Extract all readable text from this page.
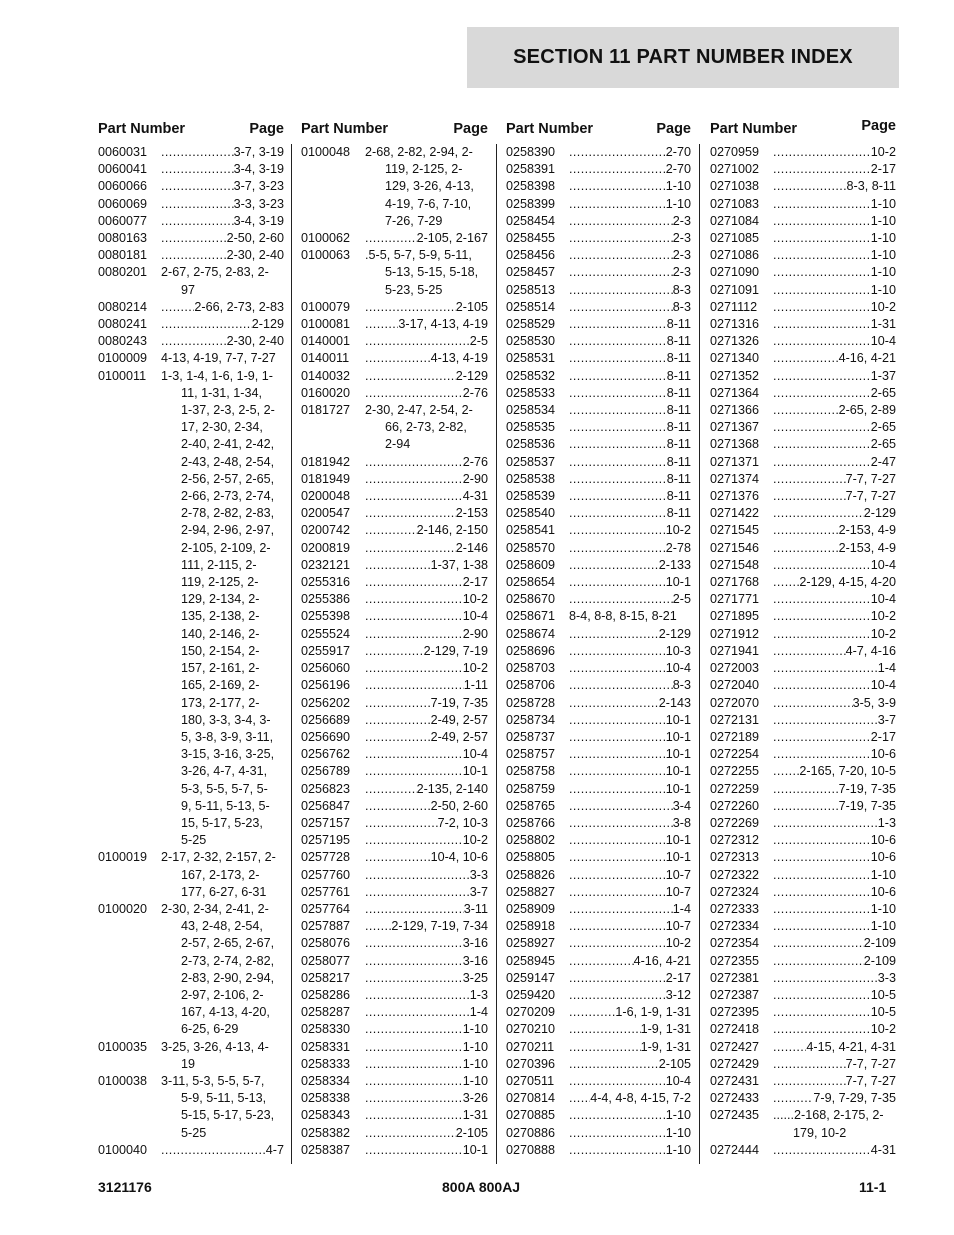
SECTION 11 PART NUMBER INDEX
Part Number	Page
0060031 .....	3-7, 3-19
0060041 .....	3-4, 3-19
0060066 .....	3-7, 3-23
0060069 .....	3-3, 3-23
0060077 .....	3-4, 3-19
0080163 .....	2-50, 2-60
0080181 .....	2-30, 2-40
0080201	2-67, 2-75, 2-83, 2-
97
0080214 .....	2-66, 2-73, 2-83
0080241 .....	2-129
0080243 .....	2-30, 2-40
0100009	4-13, 4-19, 7-7, 7-27
0100011	1-3, 1-4, 1-6, 1-9, 1-
11, 1-31, 1-34,
1-37, 2-3, 2-5, 2-
17, 2-30, 2-34,
2-40, 2-41, 2-42,
2-43, 2-48, 2-54,
2-56, 2-57, 2-65,
2-66, 2-73, 2-74,
2-78, 2-82, 2-83,
2-94, 2-96, 2-97,
2-105, 2-109, 2-
111, 2-115, 2-
119, 2-125, 2-
129, 2-134, 2-
135, 2-138, 2-
140, 2-146, 2-
150, 2-154, 2-
157, 2-161, 2-
165, 2-169, 2-
173, 2-177, 2-
180, 3-3, 3-4, 3-
5, 3-8, 3-9, 3-11,
3-15, 3-16, 3-25,
3-26, 4-7, 4-31,
5-3, 5-5, 5-7, 5-
9, 5-11, 5-13, 5-
15, 5-17, 5-23,
5-25
0100019	2-17, 2-32, 2-157, 2-
167, 2-173, 2-
177, 6-27, 6-31
0100020	2-30, 2-34, 2-41, 2-
43, 2-48, 2-54,
2-57, 2-65, 2-67,
2-73, 2-74, 2-82,
2-83, 2-90, 2-94,
2-97, 2-106, 2-
167, 4-13, 4-20,
6-25, 6-29
0100035	3-25, 3-26, 4-13, 4-
19
0100038	3-11, 5-3, 5-5, 5-7,
5-9, 5-11, 5-13,
5-15, 5-17, 5-23,
5-25
0100040 .....	4-7
Part Number	Page
0100048	2-68, 2-82, 2-94, 2-
119, 2-125, 2-
129, 3-26, 4-13,
4-19, 7-6, 7-10,
7-26, 7-29
0100062 .....	2-105, 2-167
0100063	.5-5, 5-7, 5-9, 5-11,
5-13, 5-15, 5-18,
5-23, 5-25
0100079 .....	2-105
0100081 .....	3-17, 4-13, 4-19
0140001 .....	2-5
0140011 .....	4-13, 4-19
0140032 .....	2-129
0160020 .....	2-76
0181727	2-30, 2-47, 2-54, 2-
66, 2-73, 2-82,
2-94
0181942 .....	2-76
0181949 .....	2-90
0200048 .....	4-31
0200547 .....	2-153
0200742 .....	2-146, 2-150
0200819 .....	2-146
0232121 .....	1-37, 1-38
0255316 .....	2-17
0255386 .....	10-2
0255398 .....	10-4
0255524 .....	2-90
0255917 .....	2-129, 7-19
0256060 .....	10-2
0256196 .....	1-11
0256202 .....	7-19, 7-35
0256689 .....	2-49, 2-57
0256690 .....	2-49, 2-57
0256762 .....	10-4
0256789 .....	10-1
0256823 .....	2-135, 2-140
0256847 .....	2-50, 2-60
0257157 .....	7-2, 10-3
0257195 .....	10-2
0257728 .....	10-4, 10-6
0257760 .....	3-3
0257761 .....	3-7
0257764 .....	3-11
0257887 .....	2-129, 7-19, 7-34
0258076 .....	3-16
0258077 .....	3-16
0258217 .....	3-25
0258286 .....	1-3
0258287 .....	1-4
0258330 .....	1-10
0258331 .....	1-10
0258333 .....	1-10
0258334 .....	1-10
0258338 .....	3-26
0258343 .....	1-31
0258382 .....	2-105
0258387 .....	10-1
Part Number	Page
0258390 .....	2-70
0258391 .....	2-70
0258398 .....	1-10
0258399 .....	1-10
0258454 .....	2-3
0258455 .....	2-3
0258456 .....	2-3
0258457 .....	2-3
0258513 .....	8-3
0258514 .....	8-3
0258529 .....	8-11
0258530 .....	8-11
0258531 .....	8-11
0258532 .....	8-11
0258533 .....	8-11
0258534 .....	8-11
0258535 .....	8-11
0258536 .....	8-11
0258537 .....	8-11
0258538 .....	8-11
0258539 .....	8-11
0258540 .....	8-11
0258541 .....	10-2
0258570 .....	2-78
0258609 .....	2-133
0258654 .....	10-1
0258670 .....	2-5
0258671	8-4, 8-8, 8-15, 8-21
0258674 .....	2-129
0258696 .....	10-3
0258703 .....	10-4
0258706 .....	8-3
0258728 .....	2-143
0258734 .....	10-1
0258737 .....	10-1
0258757 .....	10-1
0258758 .....	10-1
0258759 .....	10-1
0258765 .....	3-4
0258766 .....	3-8
0258802 .....	10-1
0258805 .....	10-1
0258826 .....	10-7
0258827 .....	10-7
0258909 .....	1-4
0258918 .....	10-7
0258927 .....	10-2
0258945 .....	4-16, 4-21
0259147 .....	2-17
0259420 .....	3-12
0270209 .....	1-6, 1-9, 1-31
0270210 .....	1-9, 1-31
0270211 .....	1-9, 1-31
0270396 .....	2-105
0270511 .....	10-4
0270814 .....	4-4, 4-8, 4-15, 7-2
0270885 .....	1-10
0270886 .....	1-10
0270888 .....	1-10
Part Number	Page
0270959 .....	10-2
0271002 .....	2-17
0271038 .....	8-3, 8-11
0271083 .....	1-10
0271084 .....	1-10
0271085 .....	1-10
0271086 .....	1-10
0271090 .....	1-10
0271091 .....	1-10
0271112 .....	10-2
0271316 .....	1-31
0271326 .....	10-4
0271340 .....	4-16, 4-21
0271352 .....	1-37
0271364 .....	2-65
0271366 .....	2-65, 2-89
0271367 .....	2-65
0271368 .....	2-65
0271371 .....	2-47
0271374 .....	7-7, 7-27
0271376 .....	7-7, 7-27
0271422 .....	2-129
0271545 .....	2-153, 4-9
0271546 .....	2-153, 4-9
0271548 .....	10-4
0271768 .....	2-129, 4-15, 4-20
0271771 .....	10-4
0271895 .....	10-2
0271912 .....	10-2
0271941 .....	4-7, 4-16
0272003 .....	1-4
0272040 .....	10-4
0272070 .....	3-5, 3-9
0272131 .....	3-7
0272189 .....	2-17
0272254 .....	10-6
0272255 .....	2-165, 7-20, 10-5
0272259 .....	7-19, 7-35
0272260 .....	7-19, 7-35
0272269 .....	1-3
0272312 .....	10-6
0272313 .....	10-6
0272322 .....	1-10
0272324 .....	10-6
0272333 .....	1-10
0272334 .....	1-10
0272354 .....	2-109
0272355 .....	2-109
0272381 .....	3-3
0272387 .....	10-5
0272395 .....	10-5
0272418 .....	10-2
0272427 .....	4-15, 4-21, 4-31
0272429 .....	7-7, 7-27
0272431 .....	7-7, 7-27
0272433 .....	7-9, 7-29, 7-35
0272435	......2-168, 2-175, 2-
179, 10-2
0272444 .....	4-31
3121176	800A 800AJ	11-1
